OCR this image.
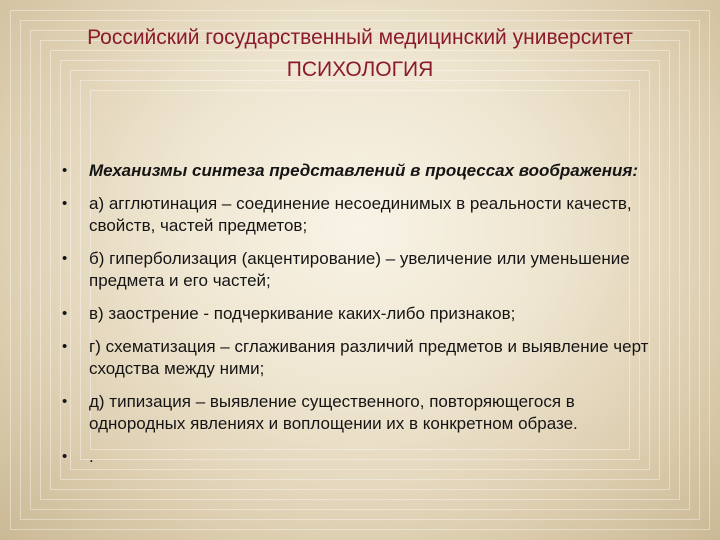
Российский государственный медицинский университет
ПСИХОЛОГИЯ
• Механизмы синтеза представлений в процессах воображения:
• а) агглютинация – соединение несоединимых в реальности качеств, свойств, частей предметов;
• б) гиперболизация (акцентирование) – увеличение или уменьшение предмета и его частей;
• в) заострение - подчеркивание каких-либо признаков;
• г) схематизация – сглаживания различий предметов и выявление черт сходства между ними;
• д) типизация – выявление существенного, повторяющегося в однородных явлениях и воплощении их в конкретном образе.
• .
